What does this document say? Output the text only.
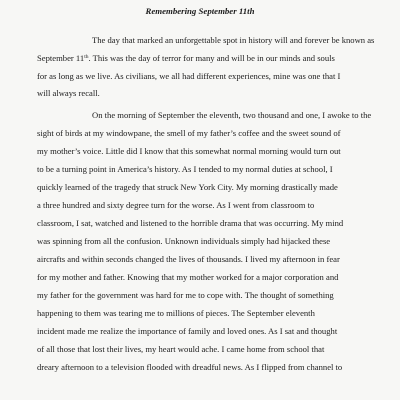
Remembering September 11th
The day that marked an unforgettable spot in history will and forever be known as
September 11th. This was the day of terror for many and will be in our minds and souls
for as long as we live. As civilians, we all had different experiences, mine was one that I
will always recall.
On the morning of September the eleventh, two thousand and one, I awoke to the
sight of birds at my windowpane, the smell of my father’s coffee and the sweet sound of
my mother’s voice. Little did I know that this somewhat normal morning would turn out
to be a turning point in America’s history. As I tended to my normal duties at school, I
quickly learned of the tragedy that struck New York City. My morning drastically made
a three hundred and sixty degree turn for the worse. As I went from classroom to
classroom, I sat, watched and listened to the horrible drama that was occurring. My mind
was spinning from all the confusion. Unknown individuals simply had hijacked these
aircrafts and within seconds changed the lives of thousands. I lived my afternoon in fear
for my mother and father. Knowing that my mother worked for a major corporation and
my father for the government was hard for me to cope with. The thought of something
happening to them was tearing me to millions of pieces. The September eleventh
incident made me realize the importance of family and loved ones. As I sat and thought
of all those that lost their lives, my heart would ache. I came home from school that
dreary afternoon to a television flooded with dreadful news. As I flipped from channel to
